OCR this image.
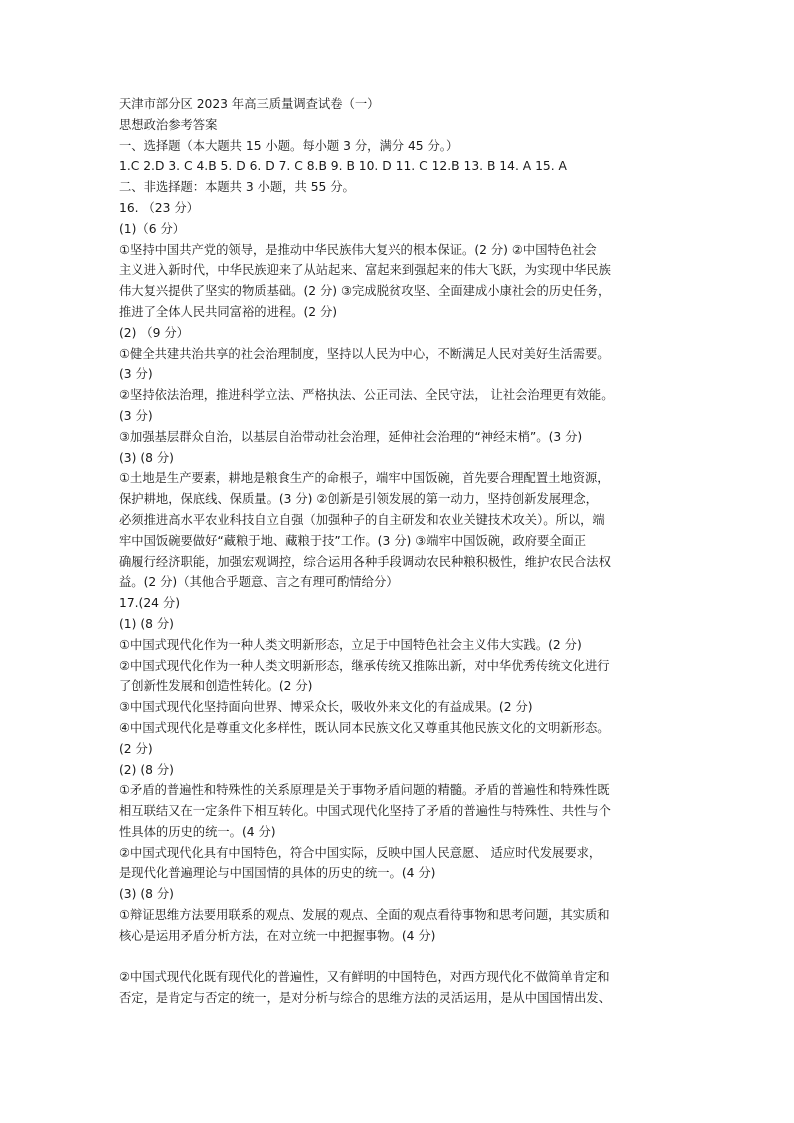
天津市部分区 2023 年高三质量调查试卷（一）
思想政治参考答案
一、选择题（本大题共 15 小题。每小题 3 分，满分 45 分。）
1.C 2.D 3. C 4.B 5. D 6. D 7. C 8.B 9. B 10. D 11. C 12.B 13. B 14. A 15. A
二、非选择题：本题共 3 小题，共 55 分。
16. （23 分）
(1)（6 分）
①坚持中国共产党的领导，是推动中华民族伟大复兴的根本保证。(2 分) ②中国特色社会
主义进入新时代，中华民族迎来了从站起来、富起来到强起来的伟大飞跃，为实现中华民族
伟大复兴提供了坚实的物质基础。(2 分) ③完成脱贫攻坚、全面建成小康社会的历史任务，
推进了全体人民共同富裕的进程。(2 分)
(2) （9 分）
①健全共建共治共享的社会治理制度，坚持以人民为中心，不断满足人民对美好生活需要。
(3 分)
②坚持依法治理，推进科学立法、严格执法、公正司法、全民守法， 让社会治理更有效能。
(3 分)
③加强基层群众自治，以基层自治带动社会治理，延伸社会治理的“神经末梢”。(3 分)
(3) (8 分)
①土地是生产要素，耕地是粮食生产的命根子，端牢中国饭碗，首先要合理配置土地资源，
保护耕地，保底线、保质量。(3 分) ②创新是引领发展的第一动力，坚持创新发展理念，
必须推进高水平农业科技自立自强（加强种子的自主研发和农业关键技术攻关）。所以，端
牢中国饭碗要做好“藏粮于地、藏粮于技”工作。(3 分) ③端牢中国饭碗，政府要全面正
确履行经济职能，加强宏观调控，综合运用各种手段调动农民种粮积极性，维护农民合法权
益。(2 分)（其他合乎题意、言之有理可酌情给分）
17.(24 分)
(1) (8 分)
①中国式现代化作为一种人类文明新形态，立足于中国特色社会主义伟大实践。(2 分)
②中国式现代化作为一种人类文明新形态，继承传统又推陈出新，对中华优秀传统文化进行
了创新性发展和创造性转化。(2 分)
③中国式现代化坚持面向世界、博采众长，吸收外来文化的有益成果。(2 分)
④中国式现代化是尊重文化多样性，既认同本民族文化又尊重其他民族文化的文明新形态。
(2 分)
(2) (8 分)
①矛盾的普遍性和特殊性的关系原理是关于事物矛盾问题的精髓。矛盾的普遍性和特殊性既
相互联结又在一定条件下相互转化。中国式现代化坚持了矛盾的普遍性与特殊性、共性与个
性具体的历史的统一。(4 分)
②中国式现代化具有中国特色，符合中国实际，反映中国人民意愿、 适应时代发展要求，
是现代化普遍理论与中国国情的具体的历史的统一。(4 分)
(3) (8 分)
①辩证思维方法要用联系的观点、发展的观点、全面的观点看待事物和思考问题，其实质和
核心是运用矛盾分析方法，在对立统一中把握事物。(4 分)
②中国式现代化既有现代化的普遍性，又有鲜明的中国特色，对西方现代化不做简单肯定和
否定，是肯定与否定的统一，是对分析与综合的思维方法的灵活运用，是从中国国情出发、
